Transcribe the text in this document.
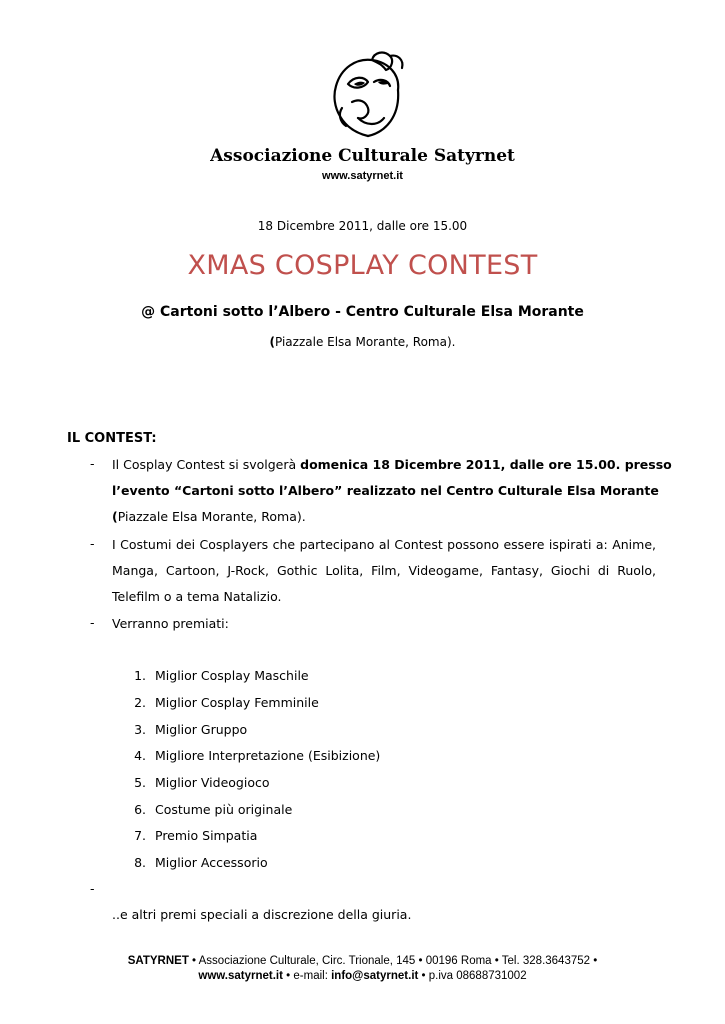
Associazione Culturale Satyrnet
www.satyrnet.it
18 Dicembre 2011, dalle ore 15.00
XMAS COSPLAY CONTEST
@ Cartoni sotto l’Albero - Centro Culturale Elsa Morante
(Piazzale Elsa Morante, Roma).
IL CONTEST:
- Il Cosplay Contest si svolgerà domenica 18 Dicembre 2011, dalle ore 15.00. presso
l’evento “Cartoni sotto l’Albero” realizzato nel Centro Culturale Elsa Morante
(Piazzale Elsa Morante, Roma).
- I Costumi dei Cosplayers che partecipano al Contest possono essere ispirati a: Anime,
Manga, Cartoon, J-Rock, Gothic Lolita, Film, Videogame, Fantasy, Giochi di Ruolo,
Telefilm o a tema Natalizio.
- Verranno premiati:
1. Miglior Cosplay Maschile
2. Miglior Cosplay Femminile
3. Miglior Gruppo
4. Migliore Interpretazione (Esibizione)
5. Miglior Videogioco
6. Costume più originale
7. Premio Simpatia
8. Miglior Accessorio
-
..e altri premi speciali a discrezione della giuria.
SATYRNET • Associazione Culturale, Circ. Trionale, 145 • 00196 Roma • Tel. 328.3643752 •
www.satyrnet.it • e-mail: info@satyrnet.it • p.iva 08688731002
